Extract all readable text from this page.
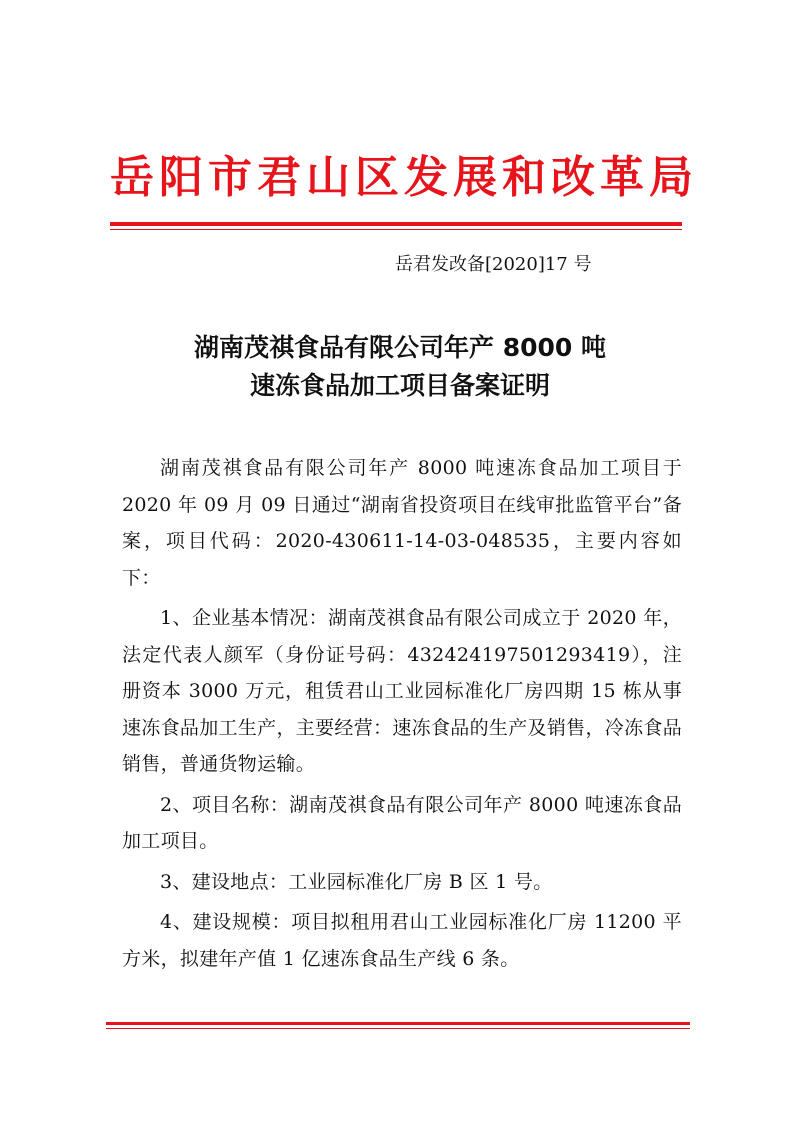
岳阳市君山区发展和改革局
岳君发改备[2020]17 号
湖南茂祺食品有限公司年产 8000 吨
速冻食品加工项目备案证明

湖南茂祺食品有限公司年产 8000 吨速冻食品加工项目于 2020 年 09 月 09 日通过“湖南省投资项目在线审批监管平台”备案，项目代码：2020-430611-14-03-048535，主要内容如下：

1、企业基本情况：湖南茂祺食品有限公司成立于 2020 年，法定代表人颜军（身份证号码：432424197501293419），注册资本 3000 万元，租赁君山工业园标准化厂房四期 15 栋从事速冻食品加工生产，主要经营：速冻食品的生产及销售，冷冻食品销售，普通货物运输。

2、项目名称：湖南茂祺食品有限公司年产 8000 吨速冻食品加工项目。

3、建设地点：工业园标准化厂房 B 区 1 号。

4、建设规模：项目拟租用君山工业园标准化厂房 11200 平方米，拟建年产值 1 亿速冻食品生产线 6 条。
